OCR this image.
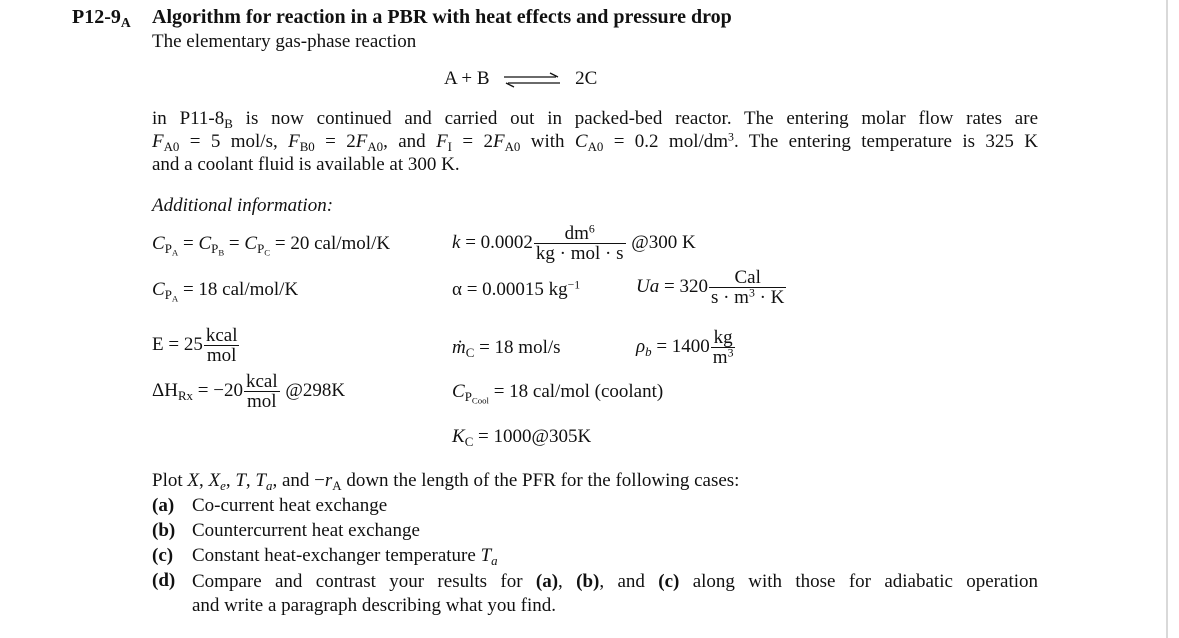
$P12-9_A$ Algorithm for reaction in a PBR with heat effects and pressure drop
The elementary gas-phase reaction
A + B ⇌ 2C
in $P11-8_B$ is now continued and carried out in packed-bed reactor. The entering molar flow rates are
$F_{A0} = 5$ mol/s, $F_{B0} = 2F_{A0}$, and $F_I = 2F_{A0}$ with $C_{A0} = 0.2$ mol/$dm^3$. The entering temperature is 325 K
and a coolant fluid is available at 300 K.
Additional information:
$C_{P_A} = C_{P_B} = C_{P_C} = 20$ cal/mol/K
$C_{P_A} = 18$ cal/mol/K
$E = 25 \frac{\text{kcal}}{\text{mol}}$
$\Delta H_{Rx} = -20 \frac{\text{kcal}}{\text{mol}}$ @298K
$k = 0.0002 \frac{dm^6}{\text{kg · mol · s}}$ @300 K
α = 0.00015 $kg^{-1}$	$Ua = 320 \frac{\text{Cal}}{s \cdot m^3 \cdot K}$
ṁ$_C$ = 18 mol/s	$\rho_b = 1400 \frac{kg}{m^3}$
$C_{P_{Cool}} = 18$ cal/mol (coolant)
$K_C$ = 1000@305K
Plot X, $X_e$, T, $T_a$, and $-r_A$ down the length of the PFR for the following cases:
(a) Co-current heat exchange
(b) Countercurrent heat exchange
(c) Constant heat-exchanger temperature $T_a$
(d) Compare and contrast your results for (a), (b), and (c) along with those for adiabatic operation
and write a paragraph describing what you find.
